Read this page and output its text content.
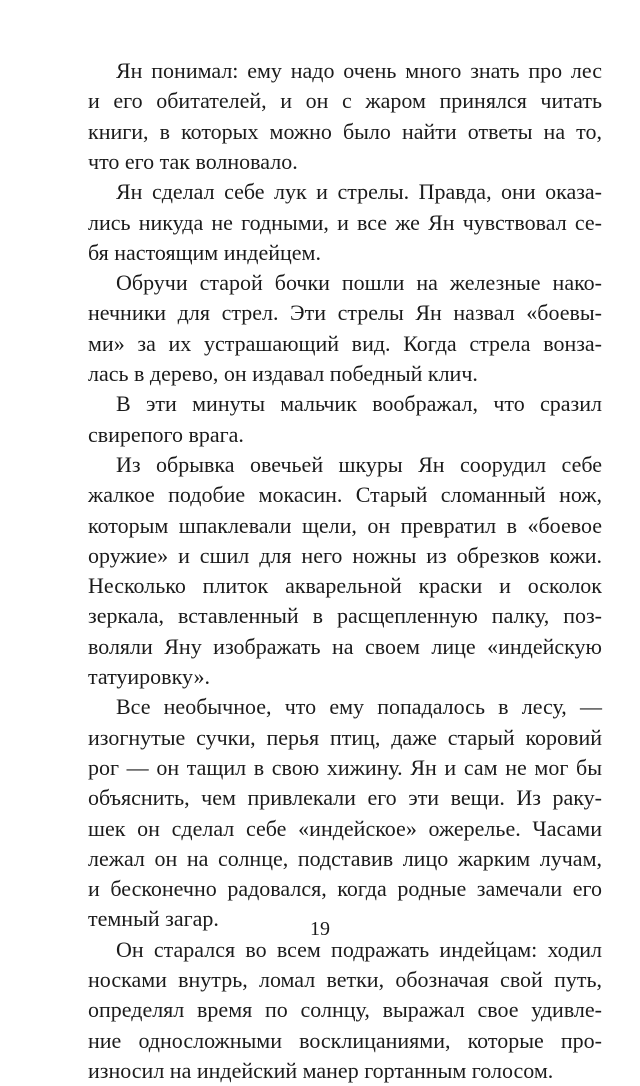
Ян понимал: ему надо очень много знать про лес
и его обитателей, и он с жаром принялся читать
книги, в которых можно было найти ответы на то,
что его так волновало.
Ян сделал себе лук и стрелы. Правда, они оказа-
лись никуда не годными, и все же Ян чувствовал се-
бя настоящим индейцем.
Обручи старой бочки пошли на железные нако-
нечники для стрел. Эти стрелы Ян назвал «боевы-
ми» за их устрашающий вид. Когда стрела вонза-
лась в дерево, он издавал победный клич.
В эти минуты мальчик воображал, что сразил
свирепого врага.
Из обрывка овечьей шкуры Ян соорудил себе
жалкое подобие мокасин. Старый сломанный нож,
которым шпаклевали щели, он превратил в «боевое
оружие» и сшил для него ножны из обрезков кожи.
Несколько плиток акварельной краски и осколок
зеркала, вставленный в расщепленную палку, поз-
воляли Яну изображать на своем лице «индейскую
татуировку».
Все необычное, что ему попадалось в лесу, —
изогнутые сучки, перья птиц, даже старый коровий
рог — он тащил в свою хижину. Ян и сам не мог бы
объяснить, чем привлекали его эти вещи. Из раку-
шек он сделал себе «индейское» ожерелье. Часами
лежал он на солнце, подставив лицо жарким лучам,
и бесконечно радовался, когда родные замечали его
темный загар.
Он старался во всем подражать индейцам: ходил
носками внутрь, ломал ветки, обозначая свой путь,
определял время по солнцу, выражал свое удивле-
ние односложными восклицаниями, которые про-
износил на индейский манер гортанным голосом.
19
